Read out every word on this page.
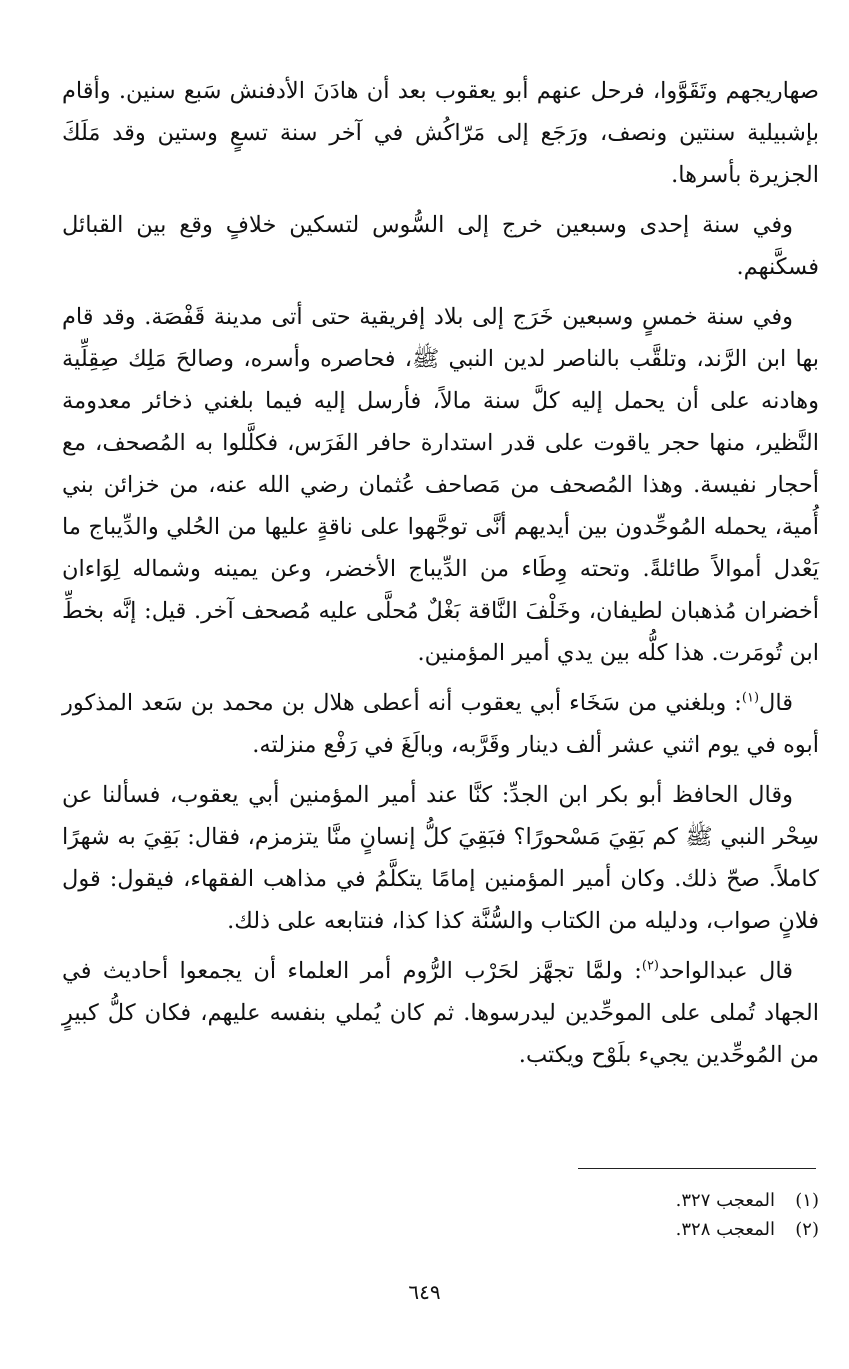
صهاريجهم وتَقَوَّوا، فرحل عنهم أبو يعقوب بعد أن هادَنَ الأدفنش سَبع سنين. وأقام بإشبيلية سنتين ونصف، ورَجَع إلى مَرّاكُش في آخر سنة تسعٍ وستين وقد مَلَكَ الجزيرة بأسرها.

وفي سنة إحدى وسبعين خرج إلى السُّوس لتسكين خلافٍ وقع بين القبائل فسكَّنهم.

وفي سنة خمسٍ وسبعين خَرَج إلى بلاد إفريقية حتى أتى مدينة قَفْصَة. وقد قام بها ابن الرَّند، وتلقَّب بالناصر لدين النبي ﷺ، فحاصره وأسره، وصالحَ مَلِك صِقِلِّية وهادنه على أن يحمل إليه كلَّ سنة مالاً، فأرسل إليه فيما بلغني ذخائر معدومة النَّظير، منها حجر ياقوت على قدر استدارة حافر الفَرَس، فكلَّلوا به المُصحف، مع أحجار نفيسة. وهذا المُصحف من مَصاحف عُثمان رضي الله عنه، من خزائن بني أُمية، يحمله المُوحِّدون بين أيديهم أنَّى توجَّهوا على ناقةٍ عليها من الحُلي والدِّيباج ما يَعْدل أموالاً طائلةً. وتحته وِطَاء من الدِّيباج الأخضر، وعن يمينه وشماله لِوَاءان أخضران مُذهبان لطيفان، وخَلْفَ النَّاقة بَغْلٌ مُحلَّى عليه مُصحف آخر. قيل: إنَّه بخطِّ ابن تُومَرت. هذا كلُّه بين يدي أمير المؤمنين.

قال$^{(١)}$: وبلغني من سَخَاء أبي يعقوب أنه أعطى هلال بن محمد بن سَعد المذكور أبوه في يوم اثني عشر ألف دينار وقَرَّبه، وبالَغَ في رَفْع منزلته.

وقال الحافظ أبو بكر ابن الجدِّ: كنَّا عند أمير المؤمنين أبي يعقوب، فسألنا عن سِحْر النبي ﷺ كم بَقِيَ مَسْحورًا؟ فبَقِيَ كلُّ إنسانٍ منَّا يتزمزم، فقال: بَقِيَ به شهرًا كاملاً. صحّ ذلك. وكان أمير المؤمنين إمامًا يتكلَّمُ في مذاهب الفقهاء، فيقول: قول فلانٍ صواب، ودليله من الكتاب والسُّنَّة كذا كذا، فنتابعه على ذلك.

قال عبدالواحد$^{(٢)}$: ولمَّا تجهَّز لحَرْب الرُّوم أمر العلماء أن يجمعوا أحاديث في الجهاد تُملى على الموحِّدين ليدرسوها. ثم كان يُملي بنفسه عليهم، فكان كلُّ كبيرٍ من المُوحِّدين يجيء بلَوْح ويكتب.

(١)
المعجب ٣٢٧.
(٢)
المعجب ٣٢٨.
٦٤٩
